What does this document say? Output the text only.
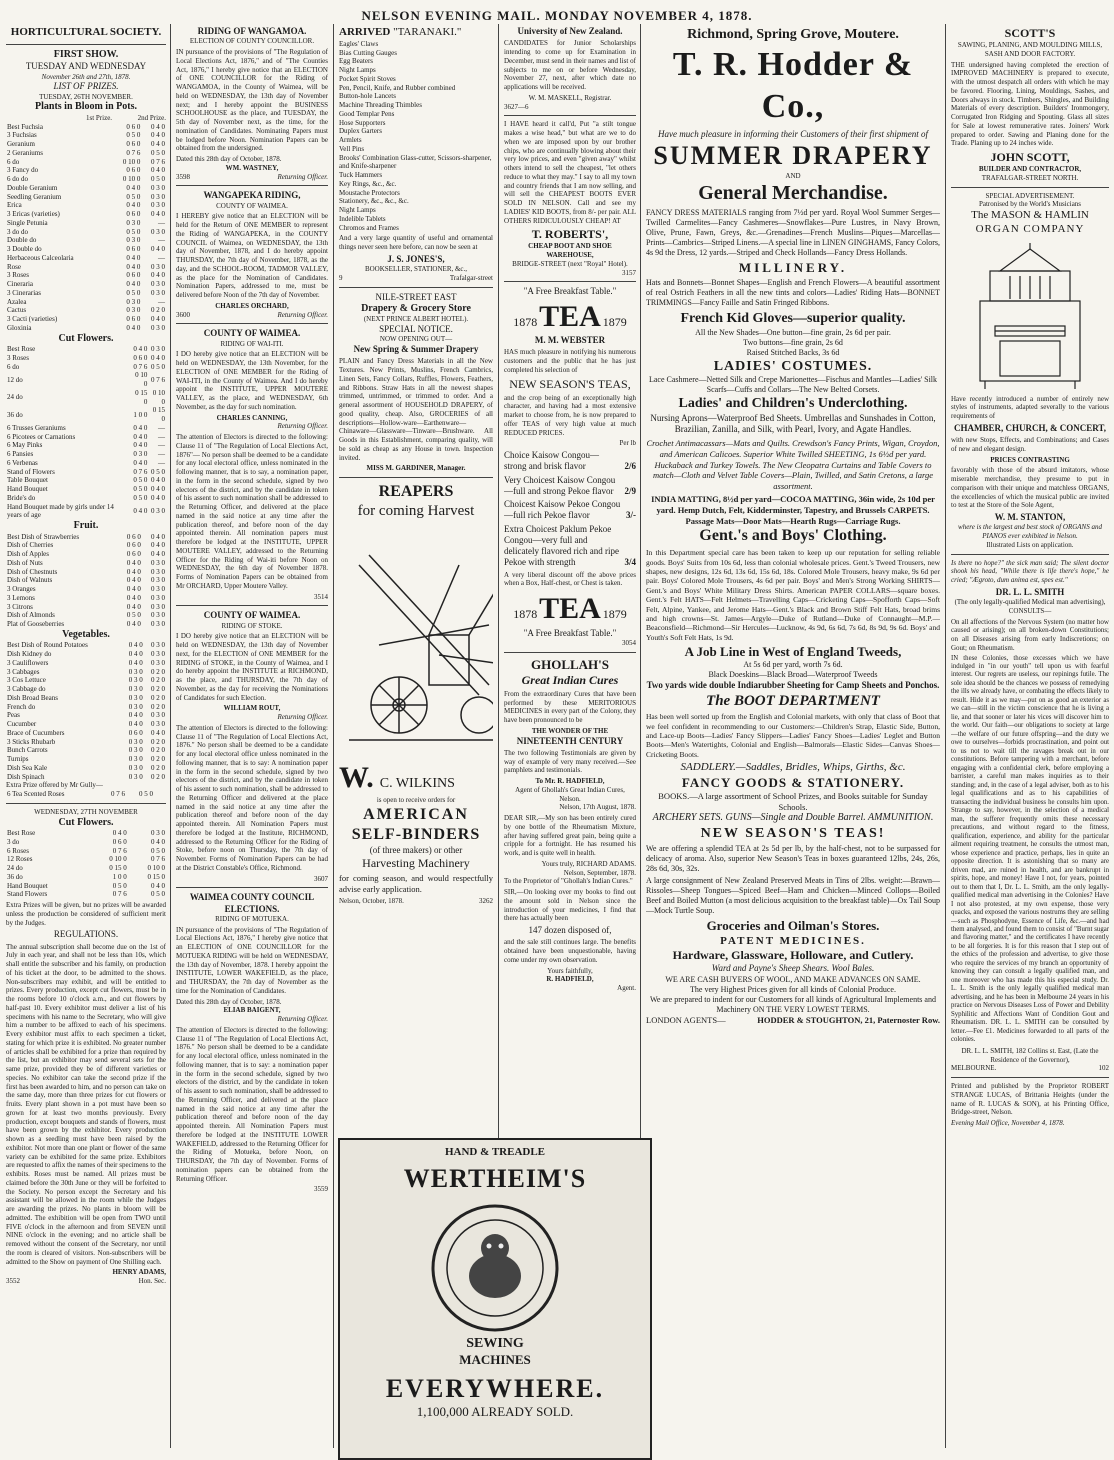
NELSON EVENING MAIL. MONDAY NOVEMBER 4, 1878.
HORTICULTURAL SOCIETY.
FIRST SHOW.
TUESDAY AND WEDNESDAY
November 26th and 27th, 1878.
LIST OF PRIZES.
TUESDAY, 26TH NOVEMBER.
Plants in Bloom in Pots.
1st Prize.	2nd Prize.
Best Fuchsia	0 6 0	0 4 0
3 Fuchsias	0 5 0	0 4 0
Geranium	0 6 0	0 4 0
2 Geraniums	0 7 6	0 5 0
6 do	0 10 0	0 7 6
3 Fancy do	0 6 0	0 4 0
6 do do	0 10 0	0 5 0
Double Geranium	0 4 0	0 3 0
Seedling Geranium	0 5 0	0 3 0
Erica	0 4 0	0 3 0
3 Ericas (varieties)	0 6 0	0 4 0
Single Petunia	0 3 0	—
3 do do	0 5 0	0 3 0
Double do	0 3 0	—
3 Double do	0 6 0	0 4 0
Herbaceous Calceolaria	0 4 0	—
Rose	0 4 0	0 3 0
3 Roses	0 6 0	0 4 0
Cineraria	0 4 0	0 3 0
3 Cinerarias	0 5 0	0 3 0
Azalea	0 3 0	—
Cactus	0 3 0	0 2 0
3 Cacti (varieties)	0 6 0	0 4 0
Gloxinia	0 4 0	0 3 0
Cut Flowers.
Best Rose	0 4 0	0 3 0
3 Roses	0 6 0	0 4 0
6 do	0 7 6	0 5 0
12 do	0 10 0	0 7 6
24 do	0 15 0	0 10 0
36 do	1 0 0	0 15 0
6 Trusses Geraniums	0 4 0	—
6 Picotees or Carnations	0 4 0	—
6 May Pinks	0 4 0	—
6 Pansies	0 3 0	—
6 Verbenas	0 4 0	—
Stand of Flowers	0 7 6	0 5 0
Table Bouquet	0 5 0	0 4 0
Hand Bouquet	0 5 0	0 4 0
Bride's do	0 5 0	0 4 0
Hand Bouquet made by girls under 14 years of age	0 4 0	0 3 0
Fruit.
Best Dish of Strawberries	0 6 0	0 4 0
Dish of Cherries	0 6 0	0 4 0
Dish of Apples	0 6 0	0 4 0
Dish of Nuts	0 4 0	0 3 0
Dish of Chestnuts	0 4 0	0 3 0
Dish of Walnuts	0 4 0	0 3 0
3 Oranges	0 4 0	0 3 0
3 Lemons	0 4 0	0 3 0
3 Citrons	0 4 0	0 3 0
Dish of Almonds	0 5 0	0 3 0
Plat of Gooseberries	0 4 0	0 3 0
Vegetables.
Best Dish of Round Potatoes	0 4 0	0 3 0
Dish Kidney do	0 4 0	0 3 0
3 Cauliflowers	0 4 0	0 3 0
3 Cabbages	0 3 0	0 2 0
3 Cos Lettuce	0 3 0	0 2 0
3 Cabbage do	0 3 0	0 2 0
Dish Broad Beans	0 3 0	0 2 0
French do	0 3 0	0 2 0
Peas	0 4 0	0 3 0
Cucumber	0 4 0	0 3 0
Brace of Cucumbers	0 6 0	0 4 0
3 Sticks Rhubarb	0 3 0	0 2 0
Bunch Carrots	0 3 0	0 2 0
Turnips	0 3 0	0 2 0
Dish Sea Kale	0 3 0	0 2 0
Dish Spinach	0 3 0	0 2 0
Extra Prize offered by Mr Gully—
6 Tea Scented Roses	0 7 6	0 5 0
WEDNESDAY, 27TH NOVEMBER
Cut Flowers.
Best Rose	0 4 0	0 3 0
3 do	0 6 0	0 4 0
6 Roses	0 7 6	0 5 0
12 Roses	0 10 0	0 7 6
24 do	0 15 0	0 10 0
36 do	1 0 0	0 15 0
Hand Bouquet	0 5 0	0 4 0
Stand Flowers	0 7 6	0 5 0
Extra Prizes will be given, but no prizes will be awarded unless the production be considered of sufficient merit by the Judges.
REGULATIONS.
The annual subscription shall become due on the 1st of July in each year, and shall not be less than 10s, which shall entitle the subscriber and his family, on production of his ticket at the door, to be admitted to the shows. Non-subscribers may exhibit, and will be entitled to prizes. Every production, except cut flowers, must be in the rooms before 10 o'clock a.m., and cut flowers by half-past 10. Every exhibitor must deliver a list of his specimens with his name to the Secretary, who will give him a number to be affixed to each of his specimens. Every exhibitor must affix to each specimen a ticket, stating for which prize it is exhibited. No greater number of articles shall be exhibited for a prize than required by the list, but an exhibitor may send several sets for the same prize, provided they be of different varieties or species. No exhibitor can take the second prize if the first has been awarded to him, and no person can take on the same day, more than three prizes for cut flowers or fruits. Every plant shown in a pot must have been so grown for at least two months previously. Every production, except bouquets and stands of flowers, must have been grown by the exhibitor. Every production shown as a seedling must have been raised by the exhibitor. Not more than one plant or flower of the same variety can be exhibited for the same prize. Exhibitors are requested to affix the names of their specimens to the exhibits. Roses must be named. All prizes must be claimed before the 30th June or they will be forfeited to the Society. No person except the Secretary and his assistant will be allowed in the room while the Judges are awarding the prizes. No plants in bloom will be admitted. The exhibition will be open from TWO until FIVE o'clock in the afternoon and from SEVEN until NINE o'clock in the evening; and no article shall be removed without the consent of the Secretary, nor until the room is cleared of visitors. Non-subscribers will be admitted to the Show on payment of One Shilling each.
HENRY ADAMS,
3552	Hon. Sec.
RIDING OF WANGAMOA.
ELECTION OF COUNTY COUNCILLOR.
IN pursuance of the provisions of "The Regulation of Local Elections Act, 1876," and of "The Counties Act, 1876," I hereby give notice that an ELECTION of ONE COUNCILLOR for the Riding of WANGAMOA, in the County of Waimea, will be held on WEDNESDAY, the 13th day of November next; and I hereby appoint the BUSINESS SCHOOLHOUSE as the place, and TUESDAY, the 5th day of November next, as the time, for the nomination of Candidates. Nominating Papers must be lodged before Noon. Nomination Papers can be obtained from the undersigned.
Dated this 28th day of October, 1878.
WM. WASTNEY,
3598	Returning Officer.
WANGAPEKA RIDING,
COUNTY OF WAIMEA.
I HEREBY give notice that an ELECTION will be held for the Return of ONE MEMBER to represent the Riding of WANGAPEKA, in the COUNTY COUNCIL of Waimea, on WEDNESDAY, the 13th day of November, 1878, and I do hereby appoint THURSDAY, the 7th day of November, 1878, as the day, and the SCHOOL-ROOM, TADMOR VALLEY, as the place for the Nomination of Candidates. Nomination Papers, addressed to me, must be delivered before Noon of the 7th day of November.
CHARLES ORCHARD,
3600	Returning Officer.
COUNTY OF WAIMEA.
RIDING OF WAI-ITI.
I DO hereby give notice that an ELECTION will be held on WEDNESDAY, the 13th November, for the ELECTION of ONE MEMBER for the Riding of WAI-ITI, in the County of Waimea. And I do hereby appoint the INSTITUTE, UPPER MOUTERE VALLEY, as the place, and WEDNESDAY, 6th November, as the day for such nomination.
CHARLES CANNING,
Returning Officer.
The attention of Electors is directed to the following: Clause 11 of "The Regulation of Local Elections Act, 1876"— No person shall be deemed to be a candidate for any local electoral office, unless nominated in the following manner, that is to say, a nomination paper, in the form in the second schedule, signed by two electors of the district, and by the candidate in token of his assent to such nomination shall be addressed to the Returning Officer, and delivered at the place named in the said notice at any time after the publication thereof, and before noon of the day appointed therein. All nomination papers must therefore be lodged at the INSTITUTE, UPPER MOUTERE VALLEY, addressed to the Returning Officer for the Riding of Wai-iti before Noon on WEDNESDAY, the 6th day of November 1878. Forms of Nomination Papers can be obtained from Mr ORCHARD, Upper Moutere Valley.
3514
COUNTY OF WAIMEA.
RIDING OF STOKE.
I DO hereby give notice that an ELECTION will be held on WEDNESDAY, the 13th day of November next, for the ELECTION of ONE MEMBER for the RIDING of STOKE, in the County of Waimea, and I do hereby appoint the INSTITUTE at RICHMOND, as the place, and THURSDAY, the 7th day of November, as the day for receiving the Nominations of Candidates for such Election.
WILLIAM ROUT,
Returning Officer.
The attention of Electors is directed to the following: Clause 11 of "The Regulation of Local Elections Act, 1876." No person shall be deemed to be a candidate for any local electoral office unless nominated in the following manner, that is to say: A nomination paper in the form in the second schedule, signed by two electors of the district, and by the candidate in token of his assent to such nomination, shall be addressed to the Returning Officer and delivered at the place named in the said notice at any time after the publication thereof and before noon of the day appointed therein. All Nomination Papers must therefore be lodged at the Institute, RICHMOND, addressed to the Returning Officer for the Riding of Stoke, before noon on Thursday, the 7th day of November. Forms of Nomination Papers can be had at the District Constable's Office, Richmond.
3607
WAIMEA COUNTY COUNCIL ELECTIONS.
RIDING OF MOTUEKA.
IN pursuance of the provisions of "The Regulation of Local Elections Act, 1876," I hereby give notice that an ELECTION of ONE COUNCILLOR for the MOTUEKA RIDING will be held on WEDNESDAY, the 13th day of November, 1878. I hereby appoint the INSTITUTE, LOWER WAKEFIELD, as the place, and THURSDAY, the 7th day of November as the time for the Nomination of Candidates.
Dated this 28th day of October, 1878.
ELIAB BAIGENT,
Returning Officer.
The attention of Electors is directed to the following: Clause 11 of "The Regulation of Local Elections Act, 1876." No person shall be deemed to be a candidate for any local electoral office, unless nominated in the following manner, that is to say: a nomination paper in the form in the second schedule, signed by two electors of the district, and by the candidate in token of his assent to such nomination, shall be addressed to the Returning Officer, and delivered at the place named in the said notice at any time after the publication thereof and before noon of the day appointed therein. All Nomination Papers must therefore be lodged at the INSTITUTE LOWER WAKEFIELD, addressed to the Returning Officer for the Riding of Motueka, before Noon, on THURSDAY, the 7th day of November. Forms of nomination papers can be obtained from the Returning Officer.
3559
ARRIVED "TARANAKI."
Eagles' Claws
Bias Cutting Gauges
Egg Beaters
Night Lamps
Pocket Spirit Stoves
Pen, Pencil, Knife, and Rubber combined
Button-hole Lancets
Machine Threading Thimbles
Good Templar Pens
Hose Supporters
Duplex Garters
Armlets
Vell Pins
Brooks' Combination Glass-cutter, Scissors-sharpener, and Knife-sharpener
Tuck Hammers
Key Rings, &c., &c.
Moustache Protectors
Stationery, &c., &c., &c.
Night Lamps
Indelible Tablets
Chromos and Frames
And a very large quantity of useful and ornamental things never seen here before, can now be seen at
J. S. JONES'S,
BOOKSELLER, STATIONER, &c.,
9	Trafalgar-street
NILE-STREET EAST
Drapery & Grocery Store
(NEXT PRINCE ALBERT HOTEL).
SPECIAL NOTICE.
NOW OPENING OUT—
New Spring & Summer Drapery
PLAIN and Fancy Dress Materials in all the New Textures. New Prints, Muslins, French Cambrics, Linen Sets, Fancy Collars, Ruffles, Flowers, Feathers, and Ribbons. Straw Hats in all the newest shapes trimmed, untrimmed, or trimmed to order. And a general assortment of HOUSEHOLD DRAPERY, of good quality, cheap. Also, GROCERIES of all descriptions—Hollow-ware—Earthenware—Chinaware—Glassware—Tinware—Brushware. All Goods in this Establishment, comparing quality, will be sold as cheap as any House in town. Inspection invited.
MISS M. GARDINER, Manager.
REAPERS
for coming Harvest
W. C. WILKINS
is open to receive orders for
AMERICAN
SELF-BINDERS
(of three makers) or other
Harvesting Machinery
for coming season, and would respectfully advise early application.
Nelson, October, 1878.	3262
University of New Zealand.
CANDIDATES for Junior Scholarships intending to come up for Examination in December, must send in their names and list of subjects to me on or before Wednesday, November 27, next, after which date no applications will be received.
W. M. MASKELL, Registrar.
3627—6
I HAVE heard it call'd, Put "a stilt tongue makes a wise head," but what are we to do when we are imposed upon by our brother chips, who are continually blowing about their very low prices, and even "given away" whilst others intend to sell the cheapest, "let others reduce to what they may." I say to all my town and country friends that I am now selling, and will sell the CHEAPEST BOOTS EVER SOLD IN NELSON. Call and see my LADIES' KID BOOTS, from 8/- per pair. ALL OTHERS RIDICULOUSLY CHEAP! AT
T. ROBERTS',
CHEAP BOOT AND SHOE WAREHOUSE,
BRIDGE-STREET (next "Royal" Hotel).
3157
"A Free Breakfast Table."
1878 TEA 1879
M. M. WEBSTER
HAS much pleasure in notifying his numerous customers and the public that he has just completed his selection of
NEW SEASON'S TEAS,
and the crop being of an exceptionally high character, and having had a most extensive market to choose from, he is now prepared to offer TEAS of very high value at much REDUCED PRICES.
Per lb
Choice Kaisow Congou—strong and brisk flavor	2/6
Very Choicest Kaisow Congou—full and strong Pekoe flavor	2/9
Choicest Kaisow Pekoe Congou—full rich Pekoe flavor	3/-
Extra Choicest Paklum Pekoe Congou—very full and delicately flavored rich and ripe Pekoe with strength	3/4
A very liberal discount off the above prices when a Box, Half-chest, or Chest is taken.
1878 TEA 1879
"A Free Breakfast Table."
3054
GHOLLAH'S
Great Indian Cures
From the extraordinary Cures that have been performed by these MERITORIOUS MEDICINES in every part of the Colony, they have been pronounced to be
THE WONDER OF THE
NINETEENTH CENTURY
The two following Testimonials are given by way of example of very many received.—See pamphlets and testimonials.
To Mr. R. HADFIELD,
Agent of Ghollah's Great Indian Cures, Nelson.
Nelson, 17th August, 1878.
DEAR SIR,—My son has been entirely cured by one bottle of the Rheumatism Mixture, after having suffered great pain, being quite a cripple for a fortnight. He has resumed his work, and is quite well in health.
Yours truly, RICHARD ADAMS.
Nelson, September, 1878.
To the Proprietor of "Ghollah's Indian Cures."
SIR,—On looking over my books to find out the amount sold in Nelson since the introduction of your medicines, I find that there has actually been
147 dozen disposed of,
and the sale still continues large. The benefits obtained have been unquestionable, having come under my own observation.
Yours faithfully,
R. HADFIELD,
Agent.
HAND & TREADLE
WERTHEIM'S
SEWING
MACHINES
EVERYWHERE.
1,100,000 ALREADY SOLD.
Richmond, Spring Grove, Moutere.
T. R. Hodder & Co.,
Have much pleasure in informing their Customers of their first shipment of
SUMMER DRAPERY
AND
General Merchandise.
FANCY DRESS MATERIALS ranging from 7½d per yard. Royal Wool Summer Serges—Twilled Carmelites—Fancy Cashmeres—Snowflakes—Pure Lustres, in Navy Brown, Olive, Prune, Fawn, Greys, &c.—Grenadines—French Muslins—Piques—Marcellas—Prints—Cambrics—Striped Linens.—A special line in LINEN GINGHAMS, Fancy Colors, 4s 9d the Dress, 12 yards.—Striped and Check Hollands—Fancy Dress Hollands.
MILLINERY.
Hats and Bonnets—Bonnet Shapes—English and French Flowers—A beautiful assortment of real Ostrich Feathers in all the new tints and colors—Ladies' Riding Hats—BONNET TRIMMINGS—Fancy Faille and Satin Fringed Ribbons.
French Kid Gloves—superior quality.
All the New Shades—One button—fine grain, 2s 6d per pair.
Two buttons—fine grain, 2s 6d
Raised Stitched Backs, 3s 6d
LADIES' COSTUMES.
Lace Cashmere—Netted Silk and Crepe Marionettes—Fischus and Mantles—Ladies' Silk Scarfs—Cuffs and Collars—The New Belted Corsets.
Ladies' and Children's Underclothing.
Nursing Aprons—Waterproof Bed Sheets. Umbrellas and Sunshades in Cotton, Brazilian, Zanilla, and Silk, with Pearl, Ivory, and Agate Handles.
Crochet Antimacassars—Mats and Quilts. Crewdson's Fancy Prints, Wigan, Croydon, and American Calicoes. Superior White Twilled SHEETING, 1s 6½d per yard. Huckaback and Turkey Towels. The New Cleopatra Curtains and Table Covers to match—Cloth and Velvet Table Covers—Plain, Twilled, and Satin Cretons, a large assortment.
INDIA MATTING, 8½d per yard—COCOA MATTING, 36in wide, 2s 10d per yard. Hemp Dutch, Felt, Kidderminster, Tapestry, and Brussels CARPETS. Passage Mats—Door Mats—Hearth Rugs—Carriage Rugs.
Gent.'s and Boys' Clothing.
In this Department special care has been taken to keep up our reputation for selling reliable goods. Boys' Suits from 10s 6d, less than colonial wholesale prices. Gent.'s Tweed Trousers, new shapes, new designs, 12s 6d, 13s 6d, 15s 6d, 18s. Colored Mole Trousers, heavy make, 9s 6d per pair. Boys' Colored Mole Trousers, 4s 6d per pair. Boys' and Men's Strong Working SHIRTS—Gent.'s and Boys' White Military Dress Shirts. American PAPER COLLARS—square boxes. Gent.'s Felt HATS—Felt Helmets—Travelling Caps—Cricketing Caps—Spofforth Caps—Soft Felt, Alpine, Yankee, and Jerome Hats—Gent.'s Black and Brown Stiff Felt Hats, broad brims and high crowns—St. James—Argyle—Duke of Rutland—Duke of Connaught—M.P.—Beaconsfield—Richmond—Sir Hercules—Lucknow, 4s 9d, 6s 6d, 7s 6d, 8s 9d, 9s 6d. Boys' and Youth's Soft Felt Hats, 1s 9d.
A Job Line in West of England Tweeds,
At 5s 6d per yard, worth 7s 6d.
Black Doeskins—Black Broad—Waterproof Tweeds
Two yards wide double Indiarubber Sheeting for Camp Sheets and Ponchos.
The BOOT DEPARTMENT
Has been well sorted up from the English and Colonial markets, with only that class of Boot that we feel confident in recommending to our Customers:—Children's Strap, Elastic Side, Button, and Lace-up Boots—Ladies' Fancy Slippers—Ladies' Fancy Shoes—Ladies' Leglet and Button Boots—Men's Watertights, Colonial and English—Balmorals—Elastic Sides—Canvas Shoes—Cricketing Boots.
SADDLERY.—Saddles, Bridles, Whips, Girths, &c.
FANCY GOODS & STATIONERY.
BOOKS.—A large assortment of School Prizes, and Books suitable for Sunday Schools.
ARCHERY SETS. GUNS—Single and Double Barrel. AMMUNITION.
NEW SEASON'S TEAS!
We are offering a splendid TEA at 2s 5d per lb, by the half-chest, not to be surpassed for delicacy of aroma. Also, superior New Season's Teas in boxes guaranteed 12lbs, 24s, 26s, 28s 6d, 30s, 32s.
A large consignment of New Zealand Preserved Meats in Tins of 2lbs. weight:—Brawn—Rissoles—Sheep Tongues—Spiced Beef—Ham and Chicken—Minced Collops—Boiled Beef and Boiled Mutton (a most delicious acquisition to the breakfast table)—Ox Tail Soup—Mock Turtle Soup.
Groceries and Oilman's Stores.
PATENT MEDICINES.
Hardware, Glassware, Holloware, and Cutlery.
Ward and Payne's Sheep Shears. Wool Bales.
WE ARE CASH BUYERS OF WOOL, AND MAKE ADVANCES ON SAME.
The very Highest Prices given for all kinds of Colonial Produce.
We are prepared to indent for our Customers for all kinds of Agricultural Implements and Machinery ON THE VERY LOWEST TERMS.
LONDON AGENTS—	HODDER & STOUGHTON, 21, Paternoster Row.
SCOTT'S
SAWING, PLANING, AND MOULDING MILLS, SASH AND DOOR FACTORY.
THE undersigned having completed the erection of IMPROVED MACHINERY is prepared to execute, with the utmost despatch all orders with which he may be favored. Flooring, Lining, Mouldings, Sashes, and Doors always in stock. Timbers, Shingles, and Building Materials of every description. Builders' Ironmongery, Corrugated Iron Ridging and Spouting. Glass all sizes for Sale at lowest remunerative rates. Joiners' Work prepared to order. Sawing and Planing done for the Trade. Planing up to 24 inches wide.
JOHN SCOTT,
BUILDER AND CONTRACTOR,
TRAFALGAR-STREET NORTH.
SPECIAL ADVERTISEMENT.
Patronised by the World's Musicians
The MASON & HAMLIN
ORGAN COMPANY
Have recently introduced a number of entirely new styles of instruments, adapted severally to the various requirements of
CHAMBER, CHURCH, & CONCERT,
with new Stops, Effects, and Combinations; and Cases of new and elegant design.
PRICES CONTRASTING
favorably with those of the absurd imitators, whose miserable merchandise, they presume to put in comparison with their unique and matchless ORGANS, the excellencies of which the musical public are invited to test at the Store of the Sole Agent,
W. M. STANTON,
where is the largest and best stock of ORGANS and PIANOS ever exhibited in Nelson.
Illustrated Lists on application.
Is there no hope?" the sick man said; The silent doctor shook his head, "While there is life there's hope," he cried; "Ægroto, dum anima est, spes est."
DR. L. L. SMITH
(The only legally-qualified Medical man advertising),
CONSULTS—
On all affections of the Nervous System (no matter how caused or arising); on all broken-down Constitutions; on all Diseases arising from early Indiscretions; on Gout; on Rheumatism.
IN these Colonies, those excesses which we have indulged in "in our youth" tell upon us with fearful interest. Our regrets are useless, our repinings futile. The sole idea should be the chances we possess of remedying the ills we already have, or combating the effects likely to result. Hide it as we may—put on as good an exterior as we can—still in the victim conscience that he is living a lie, and that sooner or later his vices will discover him to the world. Our faith—our obligations to society at large—the welfare of our future offspring—and the duty we owe to ourselves—forbids procrastination, and point out to us not to wait till the ravages break out in our constitutions. Before tampering with a merchant, before engaging with a confidential clerk, before employing a barrister, a careful man makes inquiries as to their standing; and, in the case of a legal adviser, both as to his legal qualifications and as to his capabilities of transacting the individual business he consults him upon. Strange to say, however, in the selection of a medical man, the sufferer frequently omits these necessary precautions, and without regard to the fitness, qualification, experience, and ability for the particular ailment requiring treatment, he consults the utmost man, whose experience and practice, perhaps, lies in quite an opposite direction. It is astonishing that so many are driven mad, are ruined in health, and are bankrupt in spirits, hope, and money! Have I not, for years, pointed out to them that I, Dr. L. L. Smith, am the only legally-qualified medical man advertising in the Colonies? Have I not also protested, at my own expense, those very quacks, and exposed the various nostrums they are selling—such as Phosphodyne, Essence of Life, &c.—and had them analysed, and found them to consist of "Burnt sugar and flavoring matter," and the certificates I have recently to be all forgeries. It is for this reason that I step out of the ethics of the profession and advertise, to give those who require the services of my branch an opportunity of knowing they can consult a legally qualified man, and one moreover who has made this his especial study. Dr. L. L. Smith is the only legally qualified medical man advertising, and he has been in Melbourne 24 years in his practice on Nervous Diseases Loss of Power and Debility Syphilitic and Affections Want of Condition Gout and Rheumatism. DR. L. L. SMITH can be consulted by letter.—Fee £1. Medicines forwarded to all parts of the colonies.
DR. L. L. SMITH, 182 Collins st. East, (Late the Residence of the Governor),
MELBOURNE.	102
Printed and published by the Proprietor ROBERT STRANGE LUCAS, of Brittania Heights (under the name of R. LUCAS & SON), at his Printing Office, Bridge-street, Nelson.
Evening Mail Office, November 4, 1878.
